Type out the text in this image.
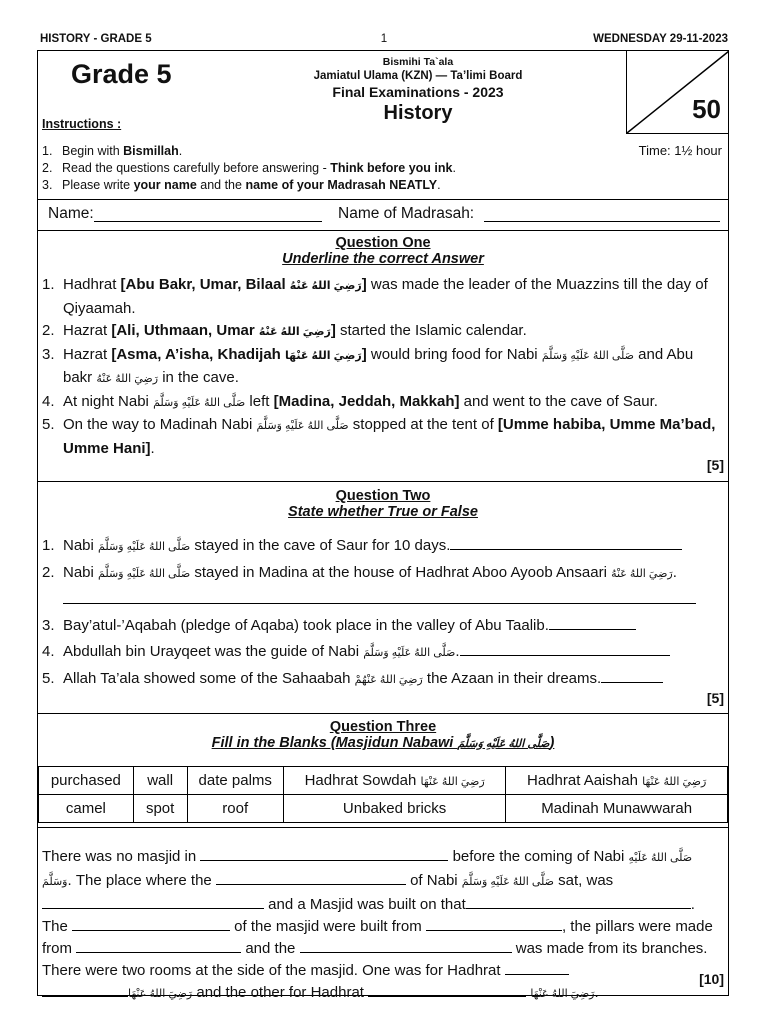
HISTORY - GRADE 5	1	WEDNESDAY 29-11-2023
Grade 5	Bismihi Ta`ala
Jamiatul Ulama (KZN) — Ta’limi Board
Final Examinations - 2023
History	50
Instructions :
Time: 1½ hour
1. Begin with Bismillah.
2. Read the questions carefully before answering - Think before you ink.
3. Please write your name and the name of your Madrasah NEATLY.
Name:	Name of Madrasah:
Question One
Underline the correct Answer
1. Hadhrat [Abu Bakr, Umar, Bilaal رَضِيَ اللهُ عَنْهُ] was made the leader of the Muazzins till the day of Qiyaamah.
2. Hazrat [Ali, Uthmaan, Umar رَضِيَ اللهُ عَنْهُ] started the Islamic calendar.
3. Hazrat [Asma, A’isha, Khadijah رَضِيَ اللهُ عَنْهَا] would bring food for Nabi صَلَّى اللهُ عَلَيْهِ وَسَلَّمَ and Abu bakr رَضِيَ اللهُ عَنْهُ in the cave.
4. At night Nabi صَلَّى اللهُ عَلَيْهِ وَسَلَّمَ left [Madina, Jeddah, Makkah] and went to the cave of Saur.
5. On the way to Madinah Nabi صَلَّى اللهُ عَلَيْهِ وَسَلَّمَ stopped at the tent of [Umme habiba, Umme Ma’bad, Umme Hani].
[5]
Question Two
State whether True or False
1. Nabi صَلَّى اللهُ عَلَيْهِ وَسَلَّمَ stayed in the cave of Saur for 10 days.
2. Nabi صَلَّى اللهُ عَلَيْهِ وَسَلَّمَ stayed in Madina at the house of Hadhrat Aboo Ayoob Ansaari رَضِيَ اللهُ عَنْهُ.
3. Bay’atul-’Aqabah (pledge of Aqaba) took place in the valley of Abu Taalib.
4. Abdullah bin Urayqeet was the guide of Nabi صَلَّى اللهُ عَلَيْهِ وَسَلَّمَ.
5. Allah Ta’ala showed some of the Sahaabah رَضِيَ اللهُ عَنْهُمْ the Azaan in their dreams.
[5]
Question Three
Fill in the Blanks (Masjidun Nabawi صَلَّى اللهُ عَلَيْهِ وَسَلَّمَ)
purchased	wall	date palms	Hadhrat Sowdah رَضِيَ اللهُ عَنْهَا	Hadhrat Aaishah رَضِيَ اللهُ عَنْهَا
camel	spot	roof	Unbaked bricks	Madinah Munawwarah
There was no masjid in	before the coming of Nabi صَلَّى اللهُ عَلَيْهِ وَسَلَّمَ. The place where the	of Nabi صَلَّى اللهُ عَلَيْهِ وَسَلَّمَ sat, was  and a Masjid was built on that	.
The	of the masjid were built from	, the pillars were made from	and the	was made from its branches. There were two rooms at the side of the masjid. One was for Hadhrat
رَضِيَ اللهُ عَنْهَا and the other for Hadhrat	رَضِيَ اللهُ عَنْهَا.
[10]
